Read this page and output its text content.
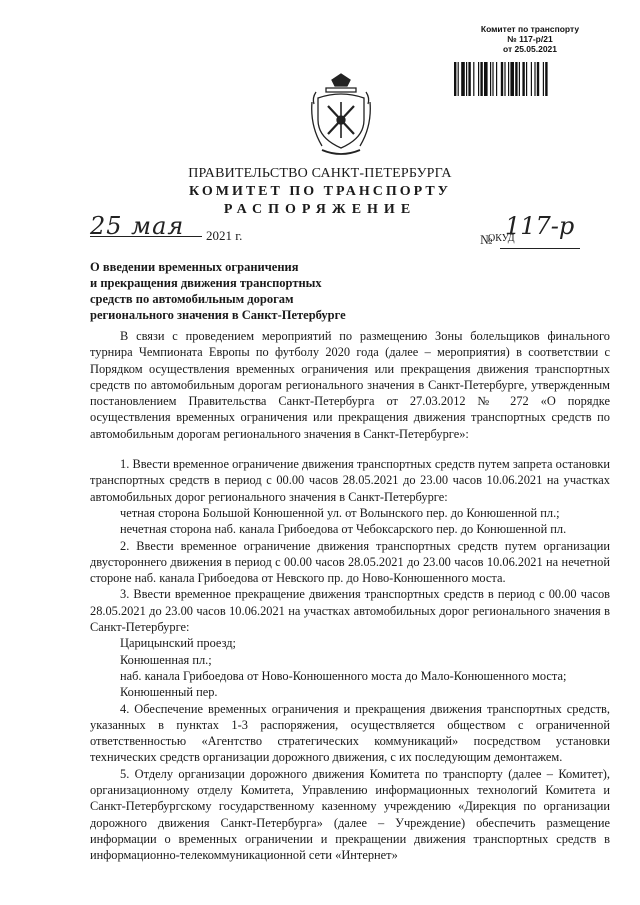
Комитет по транспорту
№ 117-р/21
от 25.05.2021
ПРАВИТЕЛЬСТВО САНКТ-ПЕТЕРБУРГА
КОМИТЕТ ПО ТРАНСПОРТУ
РАСПОРЯЖЕНИЕ
ОКУД
25 мая 2021 г.	№ 117-р
О введении временных ограничения
и прекращения движения транспортных
средств по автомобильным дорогам
регионального значения в Санкт-Петербурге

В связи с проведением мероприятий по размещению Зоны болельщиков финального турнира Чемпионата Европы по футболу 2020 года (далее – мероприятия) в соответствии с Порядком осуществления временных ограничения или прекращения движения транспортных средств по автомобильным дорогам регионального значения в Санкт-Петербурге, утвержденным постановлением Правительства Санкт-Петербурга от 27.03.2012 № 272 «О порядке осуществления временных ограничения или прекращения движения транспортных средств по автомобильным дорогам регионального значения в Санкт-Петербурге»:

1. Ввести временное ограничение движения транспортных средств путем запрета остановки транспортных средств в период с 00.00 часов 28.05.2021 до 23.00 часов 10.06.2021 на участках автомобильных дорог регионального значения в Санкт-Петербурге:

четная сторона Большой Конюшенной ул. от Волынского пер. до Конюшенной пл.;

нечетная сторона наб. канала Грибоедова от Чебоксарского пер. до Конюшенной пл.

2. Ввести временное ограничение движения транспортных средств путем организации двустороннего движения в период с 00.00 часов 28.05.2021 до 23.00 часов 10.06.2021 на нечетной стороне наб. канала Грибоедова от Невского пр. до Ново-Конюшенного моста.

3. Ввести временное прекращение движения транспортных средств в период с 00.00 часов 28.05.2021 до 23.00 часов 10.06.2021 на участках автомобильных дорог регионального значения в Санкт-Петербурге:

Царицынский проезд;

Конюшенная пл.;

наб. канала Грибоедова от Ново-Конюшенного моста до Мало-Конюшенного моста;

Конюшенный пер.

4. Обеспечение временных ограничения и прекращения движения транспортных средств, указанных в пунктах 1-3 распоряжения, осуществляется обществом с ограниченной ответственностью «Агентство стратегических коммуникаций» посредством установки технических средств организации дорожного движения, с их последующим демонтажем.

5. Отделу организации дорожного движения Комитета по транспорту (далее – Комитет), организационному отделу Комитета, Управлению информационных технологий Комитета и Санкт-Петербургскому государственному казенному учреждению «Дирекция по организации дорожного движения Санкт-Петербурга» (далее – Учреждение) обеспечить размещение информации о временных ограничении и прекращении движения транспортных средств в информационно-телекоммуникационной сети «Интернет»
